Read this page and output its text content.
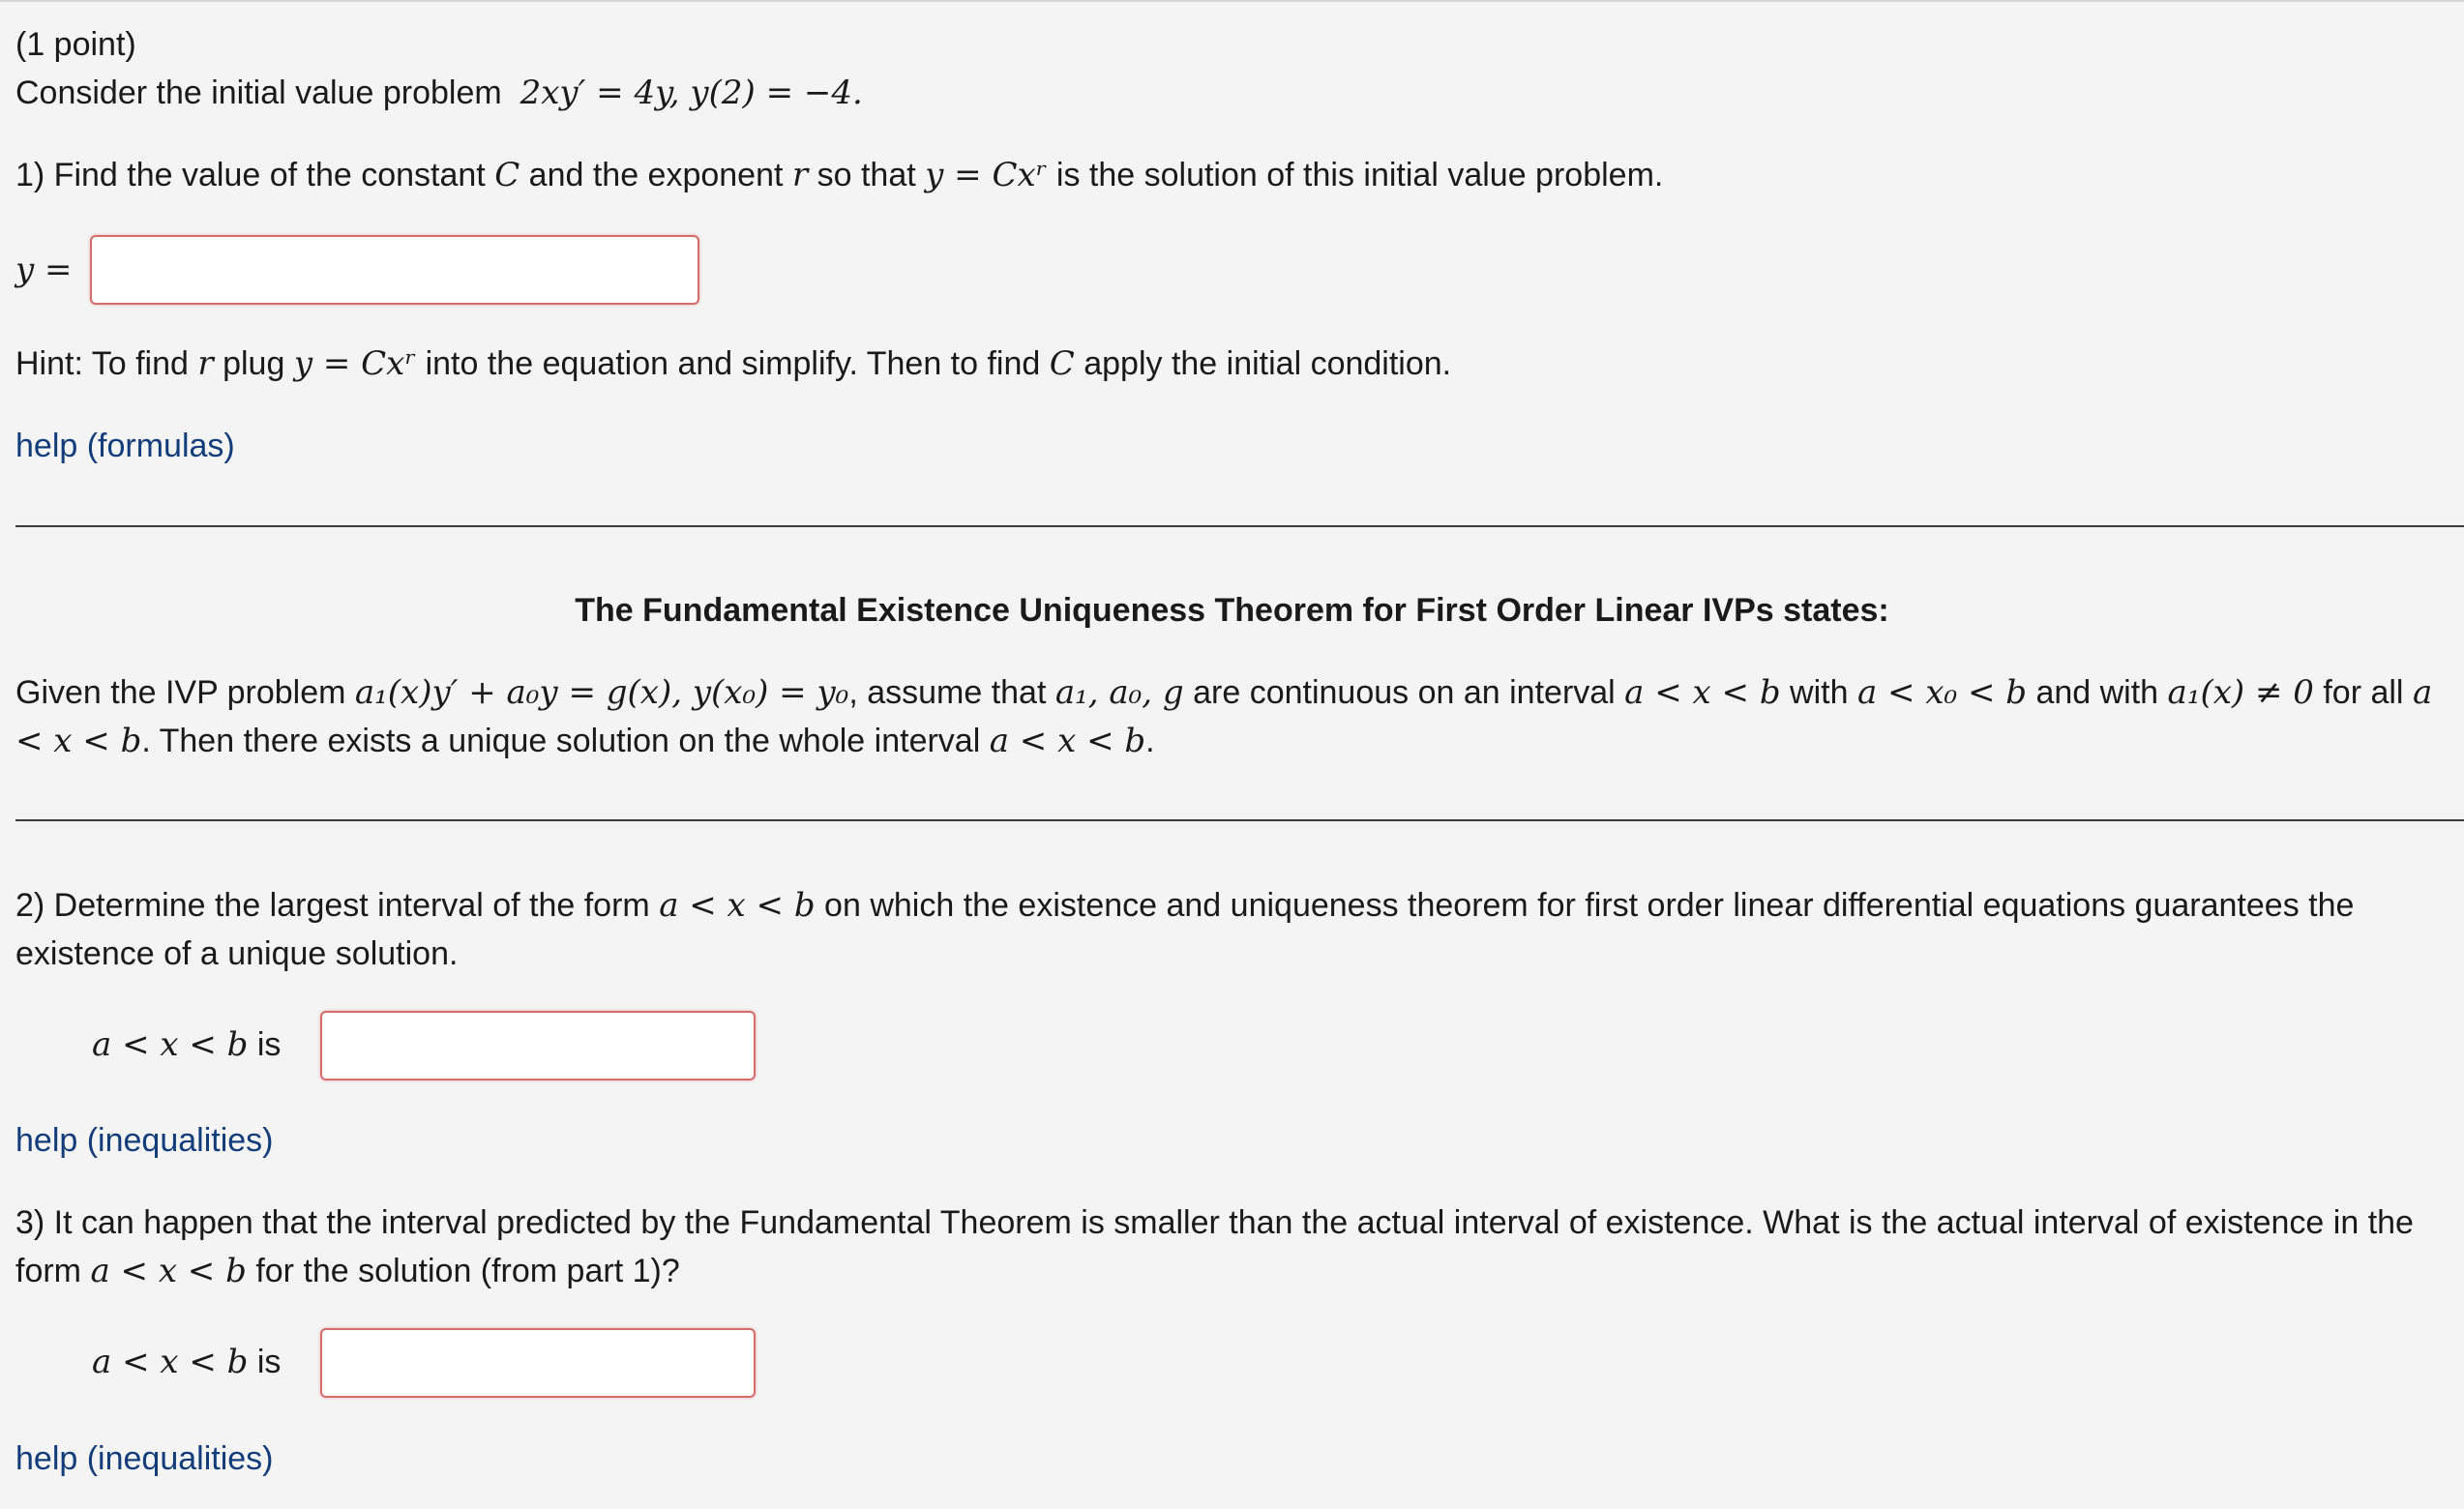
(1 point)
Consider the initial value problem 2xy′ = 4y, y(2) = −4.
1) Find the value of the constant C and the exponent r so that y = Cxʳ is the solution of this initial value problem.
y =
Hint: To find r plug y = Cxʳ into the equation and simplify. Then to find C apply the initial condition.
help (formulas)
The Fundamental Existence Uniqueness Theorem for First Order Linear IVPs states:
Given the IVP problem a₁(x)y′ + a₀y = g(x), y(x₀) = y₀, assume that a₁, a₀, g are continuous on an interval a < x < b with a < x₀ < b and with a₁(x) ≠ 0 for all a < x < b. Then there exists a unique solution on the whole interval a < x < b.
2) Determine the largest interval of the form a < x < b on which the existence and uniqueness theorem for first order linear differential equations guarantees the existence of a unique solution.
a < x < b is
help (inequalities)
3) It can happen that the interval predicted by the Fundamental Theorem is smaller than the actual interval of existence. What is the actual interval of existence in the form a < x < b for the solution (from part 1)?
a < x < b is
help (inequalities)
